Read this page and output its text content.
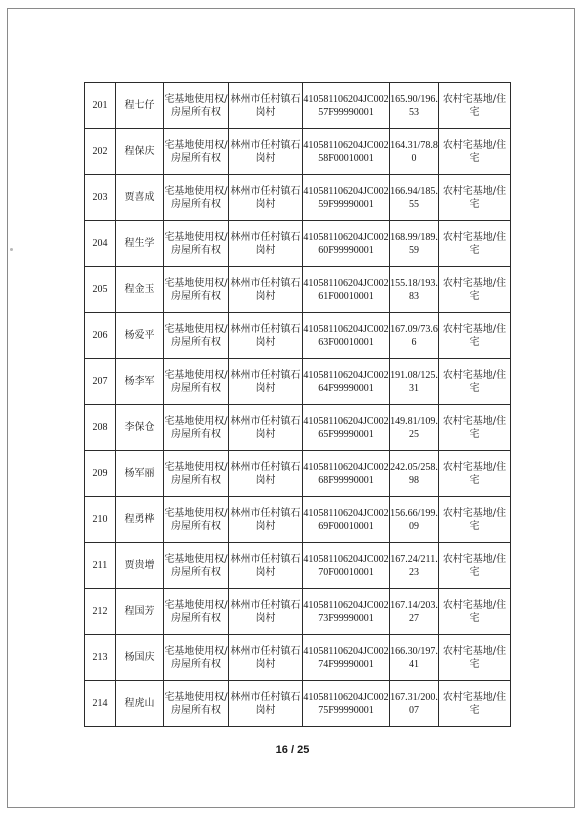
201	程七仔	宅基地使用权/房屋所有权	林州市任村镇石岗村	410581106204JC00257F99990001	165.90/196.53	农村宅基地/住宅
202	程保庆	宅基地使用权/房屋所有权	林州市任村镇石岗村	410581106204JC00258F00010001	164.31/78.80	农村宅基地/住宅
203	贾喜成	宅基地使用权/房屋所有权	林州市任村镇石岗村	410581106204JC00259F99990001	166.94/185.55	农村宅基地/住宅
204	程生学	宅基地使用权/房屋所有权	林州市任村镇石岗村	410581106204JC00260F99990001	168.99/189.59	农村宅基地/住宅
205	程金玉	宅基地使用权/房屋所有权	林州市任村镇石岗村	410581106204JC00261F00010001	155.18/193.83	农村宅基地/住宅
206	杨爱平	宅基地使用权/房屋所有权	林州市任村镇石岗村	410581106204JC00263F00010001	167.09/73.66	农村宅基地/住宅
207	杨李军	宅基地使用权/房屋所有权	林州市任村镇石岗村	410581106204JC00264F99990001	191.08/125.31	农村宅基地/住宅
208	李保仓	宅基地使用权/房屋所有权	林州市任村镇石岗村	410581106204JC00265F99990001	149.81/109.25	农村宅基地/住宅
209	杨军丽	宅基地使用权/房屋所有权	林州市任村镇石岗村	410581106204JC00268F99990001	242.05/258.98	农村宅基地/住宅
210	程勇桦	宅基地使用权/房屋所有权	林州市任村镇石岗村	410581106204JC00269F00010001	156.66/199.09	农村宅基地/住宅
211	贾贵增	宅基地使用权/房屋所有权	林州市任村镇石岗村	410581106204JC00270F00010001	167.24/211.23	农村宅基地/住宅
212	程国芳	宅基地使用权/房屋所有权	林州市任村镇石岗村	410581106204JC00273F99990001	167.14/203.27	农村宅基地/住宅
213	杨国庆	宅基地使用权/房屋所有权	林州市任村镇石岗村	410581106204JC00274F99990001	166.30/197.41	农村宅基地/住宅
214	程虎山	宅基地使用权/房屋所有权	林州市任村镇石岗村	410581106204JC00275F99990001	167.31/200.07	农村宅基地/住宅
16 / 25
